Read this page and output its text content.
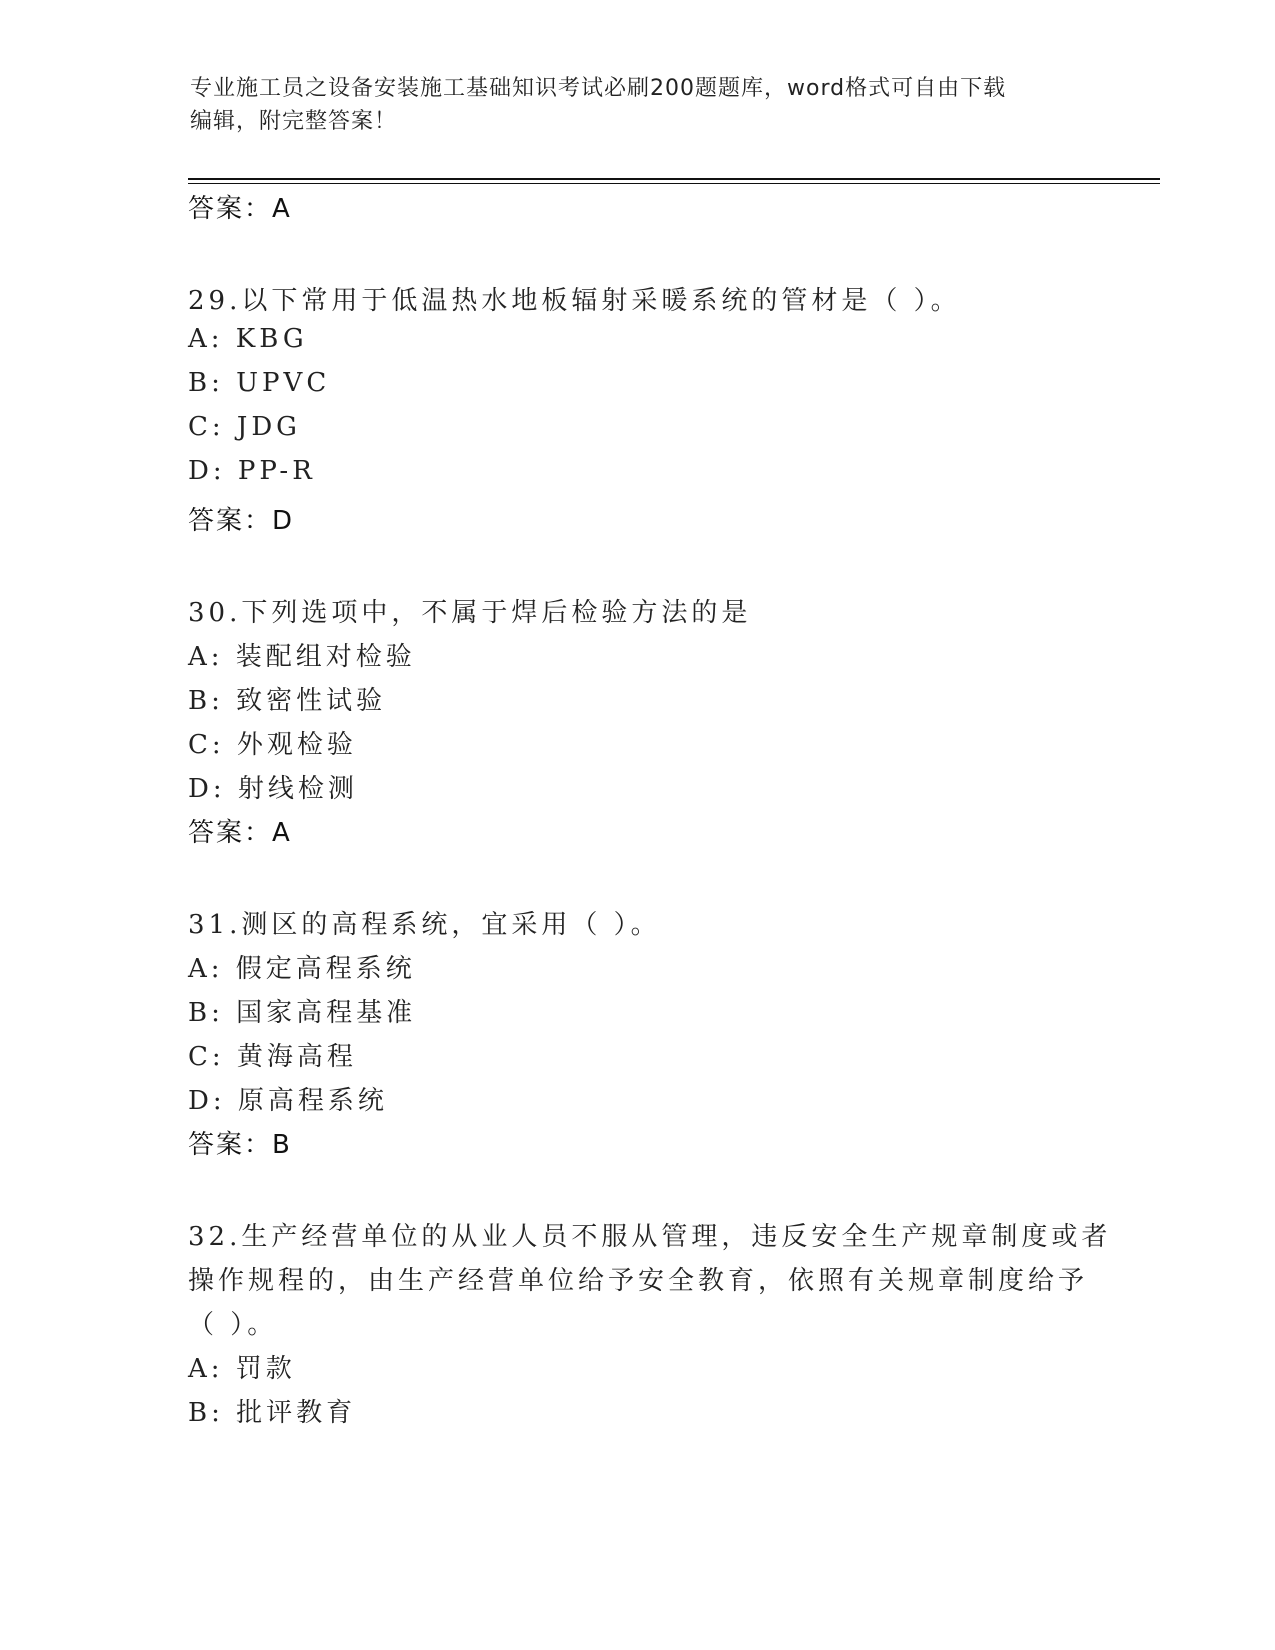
专业施工员之设备安装施工基础知识考试必刷200题题库，word格式可自由下载
编辑，附完整答案！
答案：A
29.以下常用于低温热水地板辐射采暖系统的管材是（ ）。
A: KBG
B: UPVC
C: JDG
D: PP-R
答案：D
30.下列选项中，不属于焊后检验方法的是
A: 装配组对检验
B: 致密性试验
C: 外观检验
D: 射线检测
答案：A
31.测区的高程系统，宜采用（ ）。
A: 假定高程系统
B: 国家高程基准
C: 黄海高程
D: 原高程系统
答案：B
32.生产经营单位的从业人员不服从管理，违反安全生产规章制度或者
操作规程的，由生产经营单位给予安全教育，依照有关规章制度给予
（ ）。
A: 罚款
B: 批评教育
